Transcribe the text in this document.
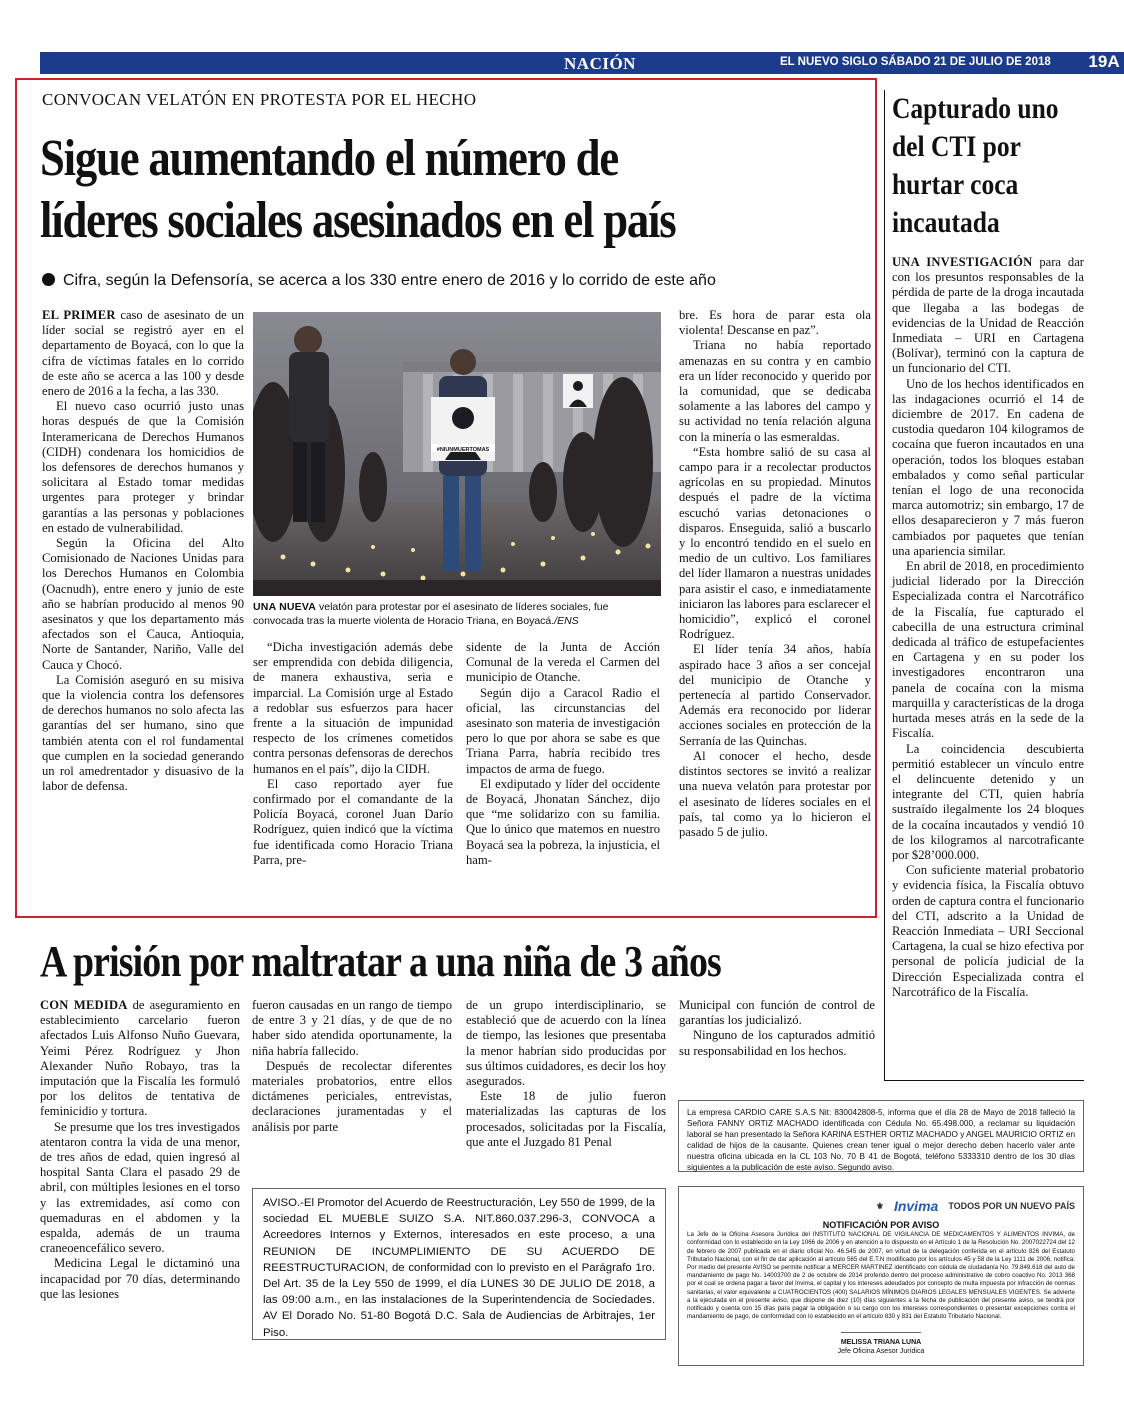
NACIÓN	EL NUEVO SIGLO SÁBADO 21 DE JULIO DE 2018	19A
CONVOCAN VELATÓN EN PROTESTA POR EL HECHO
Sigue aumentando el número de
líderes sociales asesinados en el país
Cifra, según la Defensoría, se acerca a los 330 entre enero de 2016 y lo corrido de este año

EL PRIMER caso de asesinato de un líder social se registró ayer en el departamento de Boyacá, con lo que la cifra de víctimas fatales en lo corrido de este año se acerca a las 100 y desde enero de 2016 a la fecha, a las 330.

El nuevo caso ocurrió justo unas horas después de que la Comisión Interamericana de Derechos Humanos (CIDH) condenara los homicidios de los defensores de derechos humanos y solicitara al Estado tomar medidas urgentes para proteger y brindar garantías a las personas y poblaciones en estado de vulnerabilidad.

Según la Oficina del Alto Comisionado de Naciones Unidas para los Derechos Humanos en Colombia (Oacnudh), entre enero y junio de este año se habrían producido al menos 90 asesinatos y que los departamento más afectados son el Cauca, Antioquia, Norte de Santander, Nariño, Valle del Cauca y Chocó.

La Comisión aseguró en su misiva que la violencia contra los defensores de derechos humanos no solo afecta las garantías del ser humano, sino que también atenta con el rol fundamental que cumplen en la sociedad generando un rol amedrentador y disuasivo de la labor de defensa.

#NIUNMUERTOMAS
UNA NUEVA velatón para protestar por el asesinato de líderes sociales, fue convocada tras la muerte violenta de Horacio Triana, en Boyacá./ENS

“Dicha investigación además debe ser emprendida con debida diligencia, de manera exhaustiva, seria e imparcial. La Comisión urge al Estado a redoblar sus esfuerzos para hacer frente a la situación de impunidad respecto de los crímenes cometidos contra personas defensoras de derechos humanos en el país”, dijo la CIDH.

El caso reportado ayer fue confirmado por el comandante de la Policía Boyacá, coronel Juan Darío Rodríguez, quien indicó que la víctima fue identificada como Horacio Triana Parra, pre-

sidente de la Junta de Acción Comunal de la vereda el Carmen del municipio de Otanche.

Según dijo a Caracol Radio el oficial, las circunstancias del asesinato son materia de investigación pero lo que por ahora se sabe es que Triana Parra, habría recibido tres impactos de arma de fuego.

El exdiputado y líder del occidente de Boyacá, Jhonatan Sánchez, dijo que “me solidarizo con su familia. Que lo único que matemos en nuestro Boyacá sea la pobreza, la injusticia, el ham-

bre. Es hora de parar esta ola violenta! Descanse en paz”.

Triana no había reportado amenazas en su contra y en cambio era un líder reconocido y querido por la comunidad, que se dedicaba solamente a las labores del campo y su actividad no tenía relación alguna con la minería o las esmeraldas.

“Esta hombre salió de su casa al campo para ir a recolectar productos agrícolas en su propiedad. Minutos después el padre de la víctima escuchó varias detonaciones o disparos. Enseguida, salió a buscarlo y lo encontró tendido en el suelo en medio de un cultivo. Los familiares del líder llamaron a nuestras unidades para asistir el caso, e inmediatamente iniciaron las labores para esclarecer el homicidio”, explicó el coronel Rodríguez.

El líder tenía 34 años, había aspirado hace 3 años a ser concejal del municipio de Otanche y pertenecía al partido Conservador. Además era reconocido por liderar acciones sociales en protección de la Serranía de las Quinchas.

Al conocer el hecho, desde distintos sectores se invitó a realizar una nueva velatón para protestar por el asesinato de líderes sociales en el país, tal como ya lo hicieron el pasado 5 de julio.

Capturado uno del CTI por hurtar coca incautada

UNA INVESTIGACIÓN para dar con los presuntos responsables de la pérdida de parte de la droga incautada que llegaba a las bodegas de evidencias de la Unidad de Reacción Inmediata – URI en Cartagena (Bolívar), terminó con la captura de un funcionario del CTI.

Uno de los hechos identificados en las indagaciones ocurrió el 14 de diciembre de 2017. En cadena de custodia quedaron 104 kilogramos de cocaína que fueron incautados en una operación, todos los bloques estaban embalados y como señal particular tenían el logo de una reconocida marca automotriz; sin embargo, 17 de ellos desaparecieron y 7 más fueron cambiados por paquetes que tenían una apariencia similar.

En abril de 2018, en procedimiento judicial liderado por la Dirección Especializada contra el Narcotráfico de la Fiscalía, fue capturado el cabecilla de una estructura criminal dedicada al tráfico de estupefacientes en Cartagena y en su poder los investigadores encontraron una panela de cocaína con la misma marquilla y características de la droga hurtada meses atrás en la sede de la Fiscalía.

La coincidencia descubierta permitió establecer un vínculo entre el delincuente detenido y un integrante del CTI, quien habría sustraído ilegalmente los 24 bloques de la cocaína incautados y vendió 10 de los kilogramos al narcotraficante por $28’000.000.

Con suficiente material probatorio y evidencia física, la Fiscalía obtuvo orden de captura contra el funcionario del CTI, adscrito a la Unidad de Reacción Inmediata – URI Seccional Cartagena, la cual se hizo efectiva por personal de policía judicial de la Dirección Especializada contra el Narcotráfico de la Fiscalía.

A prisión por maltratar a una niña de 3 años

CON MEDIDA de aseguramiento en establecimiento carcelario fueron afectados Luis Alfonso Nuño Guevara, Yeimi Pérez Rodríguez y Jhon Alexander Nuño Robayo, tras la imputación que la Fiscalía les formuló por los delitos de tentativa de feminicidio y tortura.

Se presume que los tres investigados atentaron contra la vida de una menor, de tres años de edad, quien ingresó al hospital Santa Clara el pasado 29 de abril, con múltiples lesiones en el torso y las extremidades, así como con quemaduras en el abdomen y la espalda, además de un trauma craneoencefálico severo.

Medicina Legal le dictaminó una incapacidad por 70 días, determinando que las lesiones

fueron causadas en un rango de tiempo de entre 3 y 21 días, y de que de no haber sido atendida oportunamente, la niña habría fallecido.

Después de recolectar diferentes materiales probatorios, entre ellos dictámenes periciales, entrevistas, declaraciones juramentadas y el análisis por parte

de un grupo interdisciplinario, se estableció que de acuerdo con la línea de tiempo, las lesiones que presentaba la menor habrían sido producidas por sus últimos cuidadores, es decir los hoy asegurados.

Este 18 de julio fueron materializadas las capturas de los procesados, solicitadas por la Fiscalía, que ante el Juzgado 81 Penal

Municipal con función de control de garantías los judicializó.

Ninguno de los capturados admitió su responsabilidad en los hechos.

La empresa CARDIO CARE S.A.S Nit: 830042808-5, informa que el día 28 de Mayo de 2018 falleció la Señora FANNY ORTIZ MACHADO identificada con Cédula No. 65.498.000, a reclamar su liquidación laboral se han presentado la Señora KARINA ESTHER ORTIZ MACHADO y ANGEL MAURICIO ORTIZ en calidad de hijos de la causante. Quienes crean tener igual o mejor derecho deben hacerlo valer ante nuestra oficina ubicada en la CL 103 No. 70 B 41 de Bogotá, teléfono 5333310 dentro de los 30 días siguientes a la publicación de este aviso. Segundo aviso.
AVISO.-El Promotor del Acuerdo de Reestructuración, Ley 550 de 1999, de la sociedad EL MUEBLE SUIZO S.A. NIT.860.037.296-3, CONVOCA a Acreedores Internos y Externos, interesados en este proceso, a una REUNION DE INCUMPLIMIENTO DE SU ACUERDO DE REESTRUCTURACION, de conformidad con lo previsto en el Parágrafo 1ro. Del Art. 35 de la Ley 550 de 1999, el día LUNES 30 DE JULIO DE 2018, a las 09:00 a.m., en las instalaciones de la Superintendencia de Sociedades. AV El Dorado No. 51-80 Bogotá D.C. Sala de Audiencias de Arbitrajes, 1er Piso.
⚜ Invima TODOS POR UN NUEVO PAÍS
NOTIFICACIÓN POR AVISO
La Jefe de la Oficina Asesora Jurídica del INSTITUTO NACIONAL DE VIGILANCIA DE MEDICAMENTOS Y ALIMENTOS INVIMA, de conformidad con lo establecido en la Ley 1066 de 2006 y en atención a lo dispuesto en el Artículo 1 de la Resolución No. 2007022724 del 12 de febrero de 2007 publicada en el diario oficial No. 46.545 de 2007, en virtud de la delegación conferida en el artículo 826 del Estatuto Tributario Nacional, con el fin de dar aplicación al artículo 565 del E.T.N modificado por los artículos 45 y 58 de la Ley 1111 de 2006, notifica: Por medio del presente AVISO se permite notificar a MERCER MARTINEZ identificado con cédula de ciudadanía No. 79.849.618 del auto de mandamiento de pago No. 14003700 de 2 de octubre de 2014 proferido dentro del proceso administrativo de cobro coactivo No. 2013 368 por el cual se ordena pagar a favor del Invima, el capital y los intereses adeudados por concepto de multa impuesta por infracción de normas sanitarias, el valor equivalente a CUATROCIENTOS (400) SALARIOS MÍNIMOS DIARIOS LEGALES MENSUALES VIGENTES. Se advierte a la ejecutada en el presente aviso, que dispone de diez (10) días siguientes a la fecha de publicación del presente aviso, se tendrá por notificado y cuenta con 15 días para pagar la obligación o su cargo con los intereses correspondientes o presentar excepciones contra el mandamiento de pago, de conformidad con lo establecido en el artículo 830 y 831 del Estatuto Tributario Nacional.
MELISSA TRIANA LUNA
Jefe Oficina Asesor Jurídica
